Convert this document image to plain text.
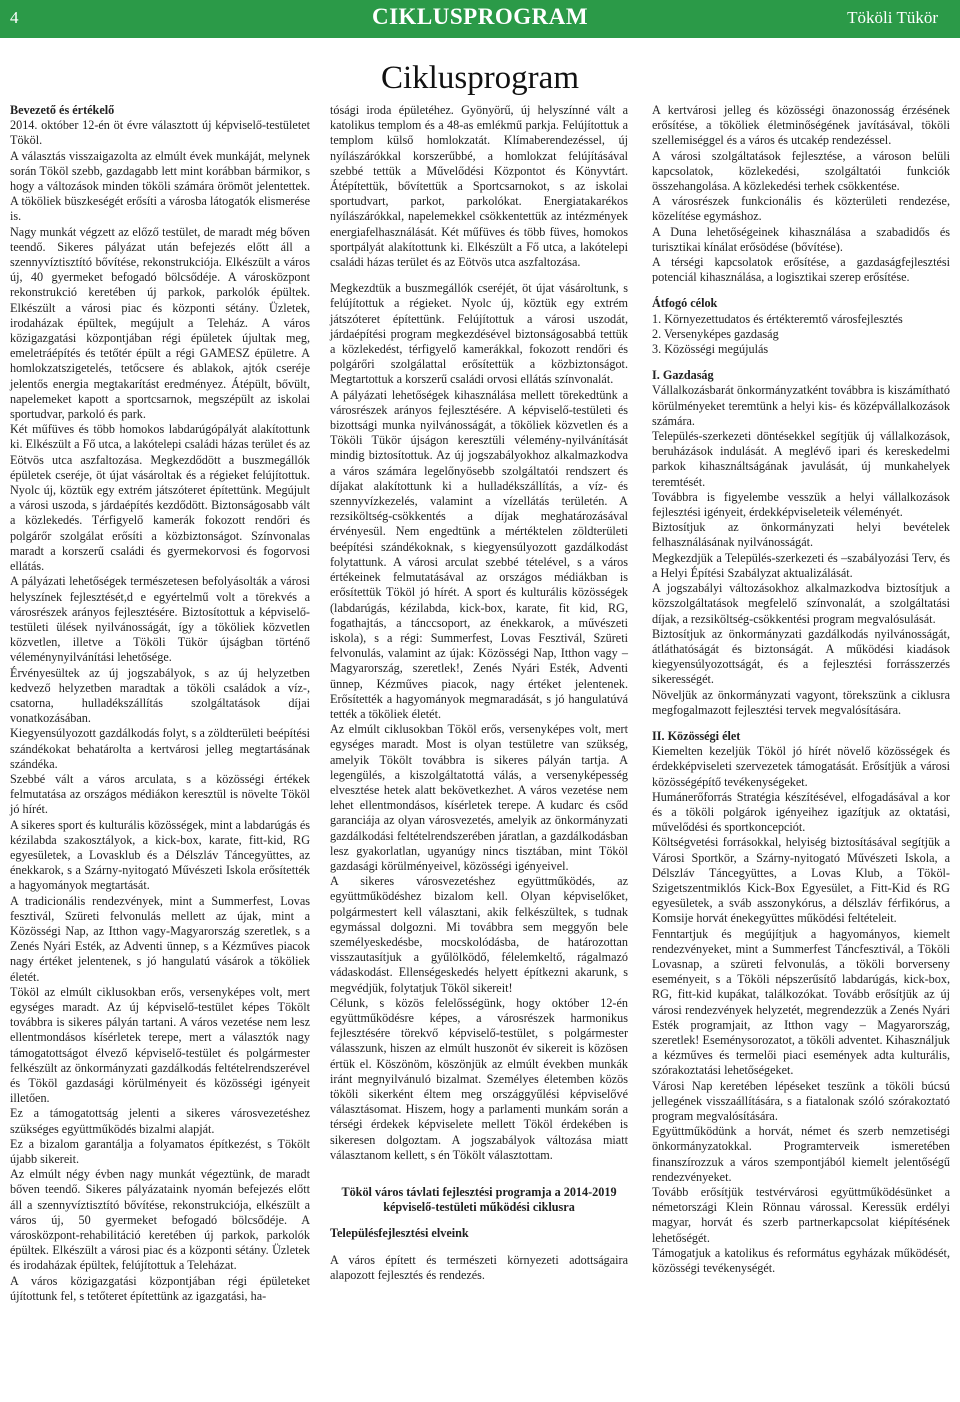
4	CIKLUSPROGRAM	Tököli Tükör
Ciklusprogram

Bevezető és értékelő

2014. október 12-én öt évre választott új képviselő-testületet Tököl.

A választás visszaigazolta az elmúlt évek munkáját, melynek során Tököl szebb, gazdagabb lett mint korábban bármikor, s hogy a változások minden tököli számára örömöt jelentettek. A tököliek büszkeségét erősíti a városba látogatók elismerése is.

Nagy munkát végzett az előző testület, de maradt még bőven teendő. Sikeres pályázat után befejezés előtt áll a szennyvíztisztító bővítése, rekonstrukciója. Elkészült a város új, 40 gyermeket befogadó bölcsődéje. A városközpont rekonstrukció keretében új parkok, parkolók épültek. Elkészült a városi piac és központi sétány. Üzletek, irodaházak épültek, megújult a Teleház. A város közigazgatási központjában régi épületek újultak meg, emeletráépítés és tetőtér épült a régi GAMESZ épületre. A homlokzatszigetelés, tetőcsere és ablakok, ajtók cseréje jelentős energia megtakarítást eredményez. Átépült, bővült, napelemeket kapott a sportcsarnok, megszépült az iskolai sportudvar, parkoló és park.

Két műfüves és több homokos labdarúgópályát alakítottunk ki. Elkészült a Fő utca, a lakótelepi családi házas terület és az Eötvös utca aszfaltozása. Megkezdődött a buszmegállók épületek cseréje, öt újat vásároltak és a régieket felújítottuk. Nyolc új, köztük egy extrém játszóteret építettünk. Megújult a városi uszoda, s járdaépítés kezdődött. Biztonságosabb vált a közlekedés. Térfigyelő kamerák fokozott rendőri és polgárőr szolgálat erősíti a közbiztonságot. Színvonalas maradt a korszerű családi és gyermekorvosi és fogorvosi ellátás.

A pályázati lehetőségek természetesen befolyásolták a városi helyszínek fejlesztését,d e egyértelmű volt a törekvés a városrészek arányos fejlesztésére. Biztosítottuk a képviselő-testületi ülések nyilvánosságát, így a tököliek közvetlen közvetlen, illetve a Tököli Tükör újságban történő véleménynyilvánítási lehetősége.

Érvényesültek az új jogszabályok, s az új helyzetben kedvező helyzetben maradtak a tököli családok a víz-, csatorna, hulladékszállítás szolgáltatások díjai vonatkozásában.

Kiegyensúlyozott gazdálkodás folyt, s a zöldterületi beépítési szándékokat behatárolta a kertvárosi jelleg megtartásának szándéka.

Szebbé vált a város arculata, s a közösségi értékek felmutatása az országos médiákon keresztül is növelte Tököl jó hírét.

A sikeres sport és kulturális közösségek, mint a labdarúgás és kézilabda szakosztályok, a kick-box, karate, fitt-kid, RG egyesületek, a Lovasklub és a Délszláv Táncegyüttes, az énekkarok, s a Szárny-nyitogató Művészeti Iskola erősítették a hagyományok megtartását.

A tradicionális rendezvények, mint a Summerfest, Lovas fesztivál, Szüreti felvonulás mellett az újak, mint a Közösségi Nap, az Itthon vagy-Magyarország szeretlek, s a Zenés Nyári Esték, az Adventi ünnep, s a Kézműves piacok nagy értéket jelentenek, s jó hangulatú vásárok a tököliek életét.

Tököl az elmúlt ciklusokban erős, versenyképes volt, mert egységes maradt. Az új képviselő-testület képes Tökölt továbbra is sikeres pályán tartani. A város vezetése nem lesz ellentmondásos kísérletek terepe, mert a választók nagy támogatottságot élvező képviselő-testület és polgármester felkészült az önkormányzati gazdálkodás feltételrendszerével és Tököl gazdasági körülményeit és közösségi igényeit illetően.

Ez a támogatottság jelenti a sikeres városvezetéshez szükséges együttműködés bizalmi alapját.

Ez a bizalom garantálja a folyamatos építkezést, s Tökölt újabb sikereit.

Az elmúlt négy évben nagy munkát végeztünk, de maradt bőven teendő. Sikeres pályázataink nyomán befejezés előtt áll a szennyvíztisztító bővítése, rekonstrukciója, elkészült a város új, 50 gyermeket befogadó bölcsődéje. A városközpont-rehabilitáció keretében új parkok, parkolók épültek. Elkészült a városi piac és a központi sétány. Üzletek és irodaházak épültek, felújítottuk a Teleházat.

A város közigazgatási központjában régi épületeket újítottunk fel, s tetőteret építettünk az igazgatási, ha-

tósági iroda épületéhez. Gyönyörű, új helyszínné vált a katolikus templom és a 48-as emlékmű parkja. Felújítottuk a templom külső homlokzatát. Klímaberendezéssel, új nyílászárókkal korszerűbbé, a homlokzat felújításával szebbé tettük a Művelődési Központot és Könyvtárt. Átépítettük, bővítettük a Sportcsarnokot, s az iskolai sportudvart, parkot, parkolókat. Energiatakarékos nyílászárókkal, napelemekkel csökkentettük az intézmények energiafelhasználását. Két műfüves és több füves, homokos sportpályát alakítottunk ki. Elkészült a Fő utca, a lakótelepi családi házas terület és az Eötvös utca aszfaltozása.

Megkezdtük a buszmegállók cseréjét, öt újat vásároltunk, s felújítottuk a régieket. Nyolc új, köztük egy extrém játszóteret építettünk. Felújítottuk a városi uszodát, járdaépítési program megkezdésével biztonságosabbá tettük a közlekedést, térfigyelő kamerákkal, fokozott rendőri és polgárőri szolgálattal erősítettük a közbiztonságot. Megtartottuk a korszerű családi orvosi ellátás színvonalát.

A pályázati lehetőségek kihasználása mellett törekedtünk a városrészek arányos fejlesztésére. A képviselő-testületi és bizottsági munka nyilvánosságát, a tököliek közvetlen és a Tököli Tükör újságon keresztüli vélemény-nyilvánítását mindig biztosítottuk. Az új jogszabályokhoz alkalmazkodva a város számára legelőnyösebb szolgáltatói rendszert és díjakat alakítottunk ki a hulladékszállítás, a víz- és szennyvízkezelés, valamint a vízellátás területén. A rezsiköltség-csökkentés a díjak meghatározásával érvényesül. Nem engedtünk a mértéktelen zöldterületi beépítési szándékoknak, s kiegyensúlyozott gazdálkodást folytattunk. A városi arculat szebbé tételével, s a város értékeinek felmutatásával az országos médiákban is erősítettük Tököl jó hírét. A sport és kulturális közösségek (labdarúgás, kézilabda, kick-box, karate, fit kid, RG, fogathajtás, a tánccsoport, az énekkarok, a művészeti iskola), s a régi: Summerfest, Lovas Fesztivál, Szüreti felvonulás, valamint az újak: Közösségi Nap, Itthon vagy – Magyarország, szeretlek!, Zenés Nyári Esték, Adventi ünnep, Kézműves piacok, nagy értéket jelentenek. Erősítették a hagyományok megmaradását, s jó hangulatúvá tették a tököliek életét.

Az elmúlt ciklusokban Tököl erős, versenyképes volt, mert egységes maradt. Most is olyan testületre van szükség, amelyik Tökölt továbbra is sikeres pályán tartja. A legengülés, a kiszolgáltatottá válás, a versenyképesség elvesztése hetek alatt bekövetkezhet. A város vezetése nem lehet ellentmondásos, kísérletek terepe. A kudarc és csőd garanciája az olyan városvezetés, amelyik az önkormányzati gazdálkodási feltételrendszerében járatlan, a gazdálkodásban lesz gyakorlatlan, ugyanúgy nincs tisztában, mint Tököl gazdasági körülményeivel, közösségi igényeivel.

A sikeres városvezetéshez együttműködés, az együttműködéshez bizalom kell. Olyan képviselőket, polgármestert kell választani, akik felkészültek, s tudnak egymással dolgozni. Mi továbbra sem meggyőn bele személyeskedésbe, mocskolódásba, de határozottan visszautasítjuk a gyűlölködő, félelemkeltő, rágalmazó vádaskodást. Ellenségeskedés helyett építkezni akarunk, s megvédjük, folytatjuk Tököl sikereit!

Célunk, s közös felelősségünk, hogy október 12-én együttműködésre képes, a városrészek harmonikus fejlesztésére törekvő képviselő-testület, s polgármester válasszunk, hiszen az elmúlt huszonöt év sikereit is közösen értük el. Köszönöm, köszönjük az elmúlt években munkák iránt megnyilvánuló bizalmat. Személyes életemben közös tököli sikerként éltem meg országgyűlési képviselővé választásomat. Hiszem, hogy a parlamenti munkám során a térségi érdekek képviselete mellett Tököl érdekében is sikeresen dolgoztam. A jogszabályok változása miatt választanom kellett, s én Tökölt választottam.

Tököl város távlati fejlesztési programja a 2014-2019 képviselő-testületi működési ciklusra

Településfejlesztési elveink

A város épített és természeti környezeti adottságaira alapozott fejlesztés és rendezés.

A kertvárosi jelleg és közösségi önazonosság érzésének erősítése, a tököliek életminőségének javításával, tököli szellemiséggel és a város és utcakép rendezéssel.

A városi szolgáltatások fejlesztése, a városon belüli kapcsolatok, közlekedési, szolgáltatói funkciók összehangolása. A közlekedési terhek csökkentése.

A városrészek funkcionális és közterületi rendezése, közelítése egymáshoz.

A Duna lehetőségeinek kihasználása a szabadidős és turisztikai kínálat erősödése (bővítése).

A térségi kapcsolatok erősítése, a gazdaságfejlesztési potenciál kihasználása, a logisztikai szerep erősítése.

Átfogó célok

1. Környezettudatos és értékteremtő városfejlesztés

2. Versenyképes gazdaság

3. Közösségi megújulás

I. Gazdaság

Vállalkozásbarát önkormányzatként továbbra is kiszámítható körülményeket teremtünk a helyi kis- és középvállalkozások számára.

Település-szerkezeti döntésekkel segítjük új vállalkozások, beruházások indulását. A meglévő ipari és kereskedelmi parkok kihasználtságának javulását, új munkahelyek teremtését.

Továbbra is figyelembe vesszük a helyi vállalkozások fejlesztési igényeit, érdekképviseleteik véleményét.

Biztosítjuk az önkormányzati helyi bevételek felhasználásának nyilvánosságát.

Megkezdjük a Település-szerkezeti és –szabályozási Terv, és a Helyi Építési Szabályzat aktualizálását.

A jogszabályi változásokhoz alkalmazkodva biztosítjuk a közszolgáltatások megfelelő színvonalát, a szolgáltatási díjak, a rezsiköltség-csökkentési program megvalósulását.

Biztosítjuk az önkormányzati gazdálkodás nyilvánosságát, átláthatóságát és biztonságát. A működési kiadások kiegyensúlyozottságát, és a fejlesztési forrásszerzés sikerességét.

Növeljük az önkormányzati vagyont, törekszünk a ciklusra megfogalmazott fejlesztési tervek megvalósítására.

II. Közösségi élet

Kiemelten kezeljük Tököl jó hírét növelő közösségek és érdekképviseleti szervezetek támogatását. Erősítjük a városi közösségépítő tevékenységeket.

Humánerőforrás Stratégia készítésével, elfogadásával a kor és a tököli polgárok igényeihez igazítjuk az oktatási, művelődési és sportkoncepciót.

Költségvetési forrásokkal, helyiség biztosításával segítjük a Városi Sportkör, a Szárny-nyitogató Művészeti Iskola, a Délszláv Táncegyüttes, a Lovas Klub, a Tököl-Szigetszentmiklós Kick-Box Egyesület, a Fitt-Kid és RG egyesületek, a sváb asszonykórus, a délszláv férfikórus, a Komsije horvát énekegyüttes működési feltételeit.

Fenntartjuk és megújítjuk a hagyományos, kiemelt rendezvényeket, mint a Summerfest Táncfesztivál, a Tököli Lovasnap, a szüreti felvonulás, a tököli borverseny eseményeit, s a Tököli népszerűsítő labdarúgás, kick-box, RG, fitt-kid kupákat, találkozókat. Tovább erősítjük az új városi rendezvények helyzetét, megrendezzük a Zenés Nyári Esték programjait, az Itthon vagy – Magyarország, szeretlek! Eseménysorozatot, a tököli adventet. Kihasználjuk a kézműves és termelői piaci események adta kulturális, szórakoztatási lehetőségeket.

Városi Nap keretében lépéseket teszünk a tököli búcsú jellegének visszaállítására, s a fiatalonak szóló szórakoztató program megvalósítására.

Együttműködünk a horvát, német és szerb nemzetiségi önkormányzatokkal. Programterveik ismeretében finanszírozzuk a város szempontjából kiemelt jelentőségű rendezvényeket.

Tovább erősítjük testvérvárosi együttműködésünket a németországi Klein Rönnau várossal. Keressük erdélyi magyar, horvát és szerb partnerkapcsolat kiépítésének lehetőségét.

Támogatjuk a katolikus és református egyházak működését, közösségi tevékenységét.
